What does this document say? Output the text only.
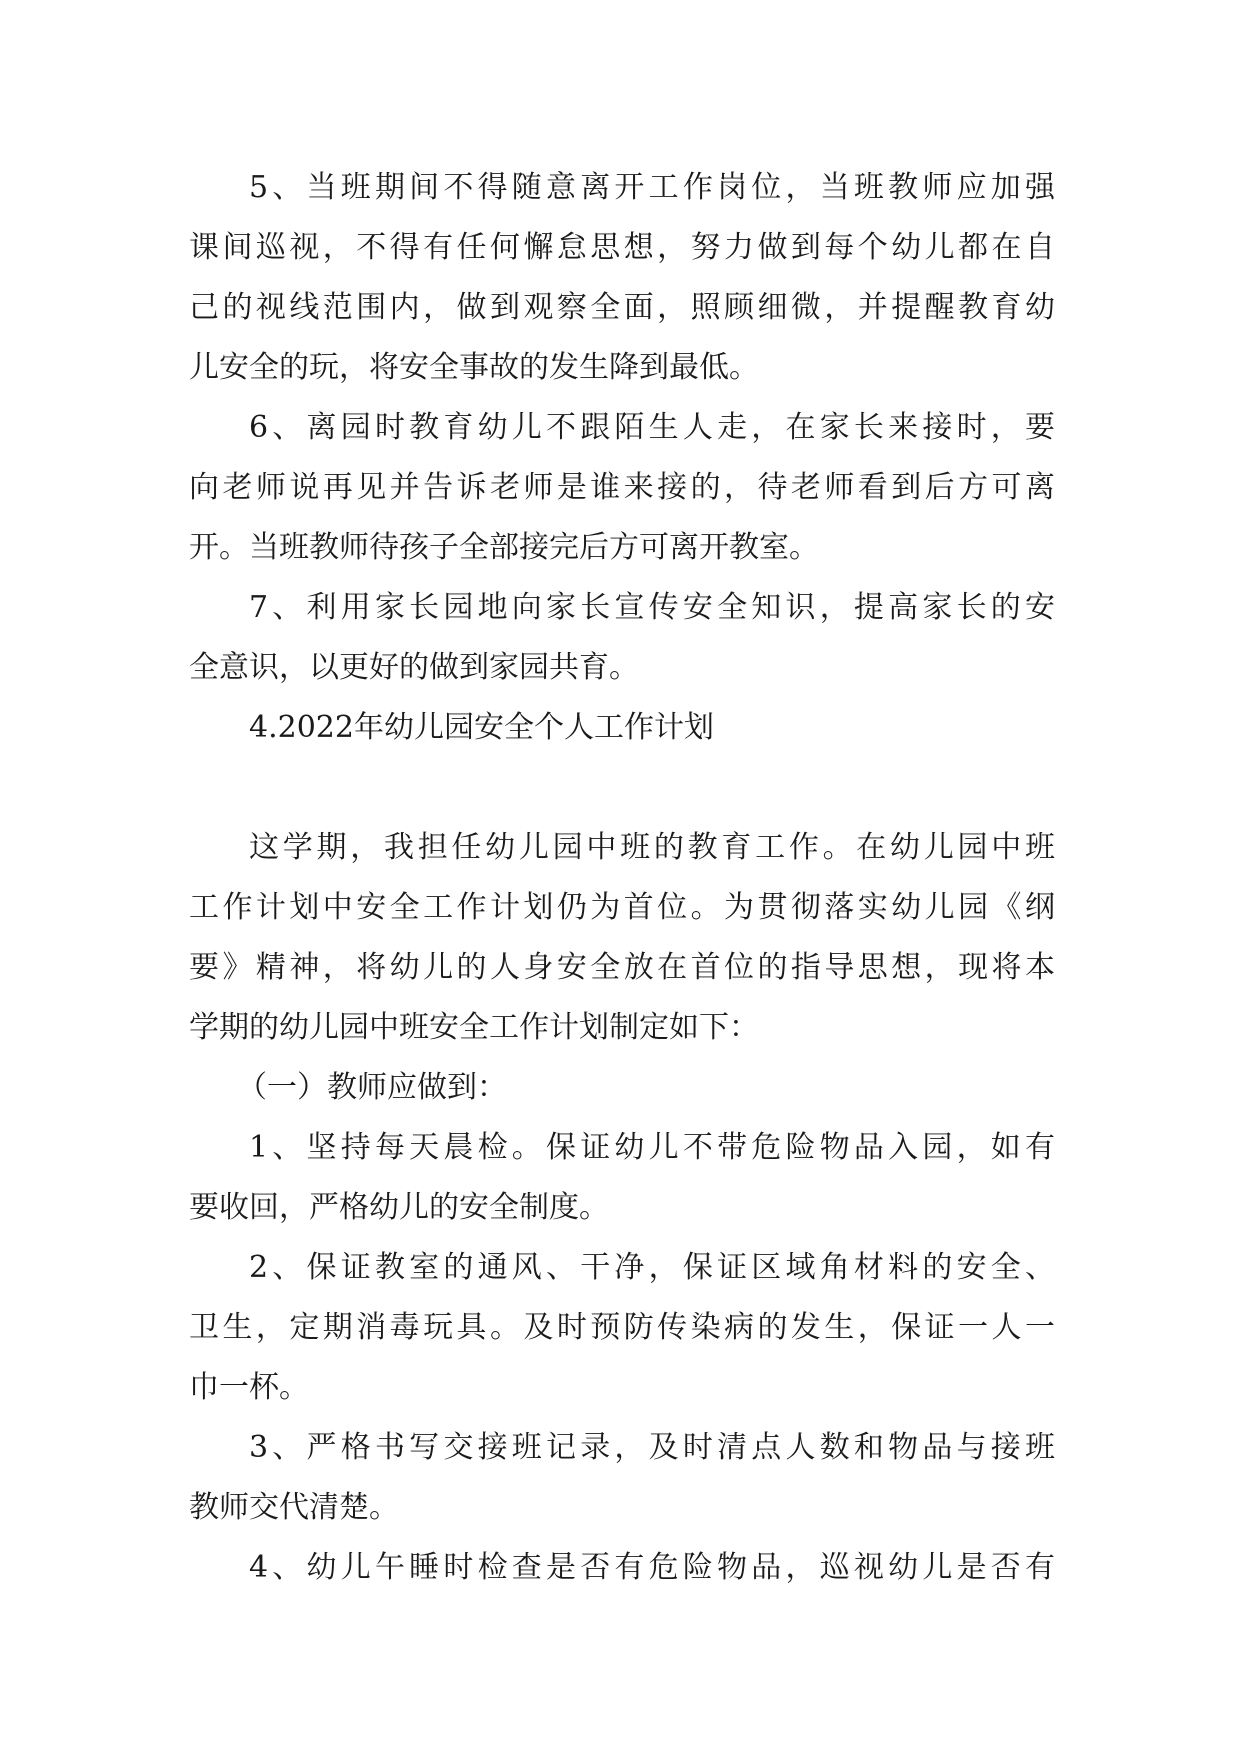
5、当班期间不得随意离开工作岗位，当班教师应加强
课间巡视，不得有任何懈怠思想，努力做到每个幼儿都在自
己的视线范围内，做到观察全面，照顾细微，并提醒教育幼
儿安全的玩，将安全事故的发生降到最低。
6、离园时教育幼儿不跟陌生人走，在家长来接时，要
向老师说再见并告诉老师是谁来接的，待老师看到后方可离
开。当班教师待孩子全部接完后方可离开教室。
7、利用家长园地向家长宣传安全知识，提高家长的安
全意识，以更好的做到家园共育。
4.2022年幼儿园安全个人工作计划
这学期，我担任幼儿园中班的教育工作。在幼儿园中班
工作计划中安全工作计划仍为首位。为贯彻落实幼儿园《纲
要》精神，将幼儿的人身安全放在首位的指导思想，现将本
学期的幼儿园中班安全工作计划制定如下：
（一）教师应做到：
1、坚持每天晨检。保证幼儿不带危险物品入园，如有
要收回，严格幼儿的安全制度。
2、保证教室的通风、干净，保证区域角材料的安全、
卫生，定期消毒玩具。及时预防传染病的发生，保证一人一
巾一杯。
3、严格书写交接班记录，及时清点人数和物品与接班
教师交代清楚。
4、幼儿午睡时检查是否有危险物品，巡视幼儿是否有
